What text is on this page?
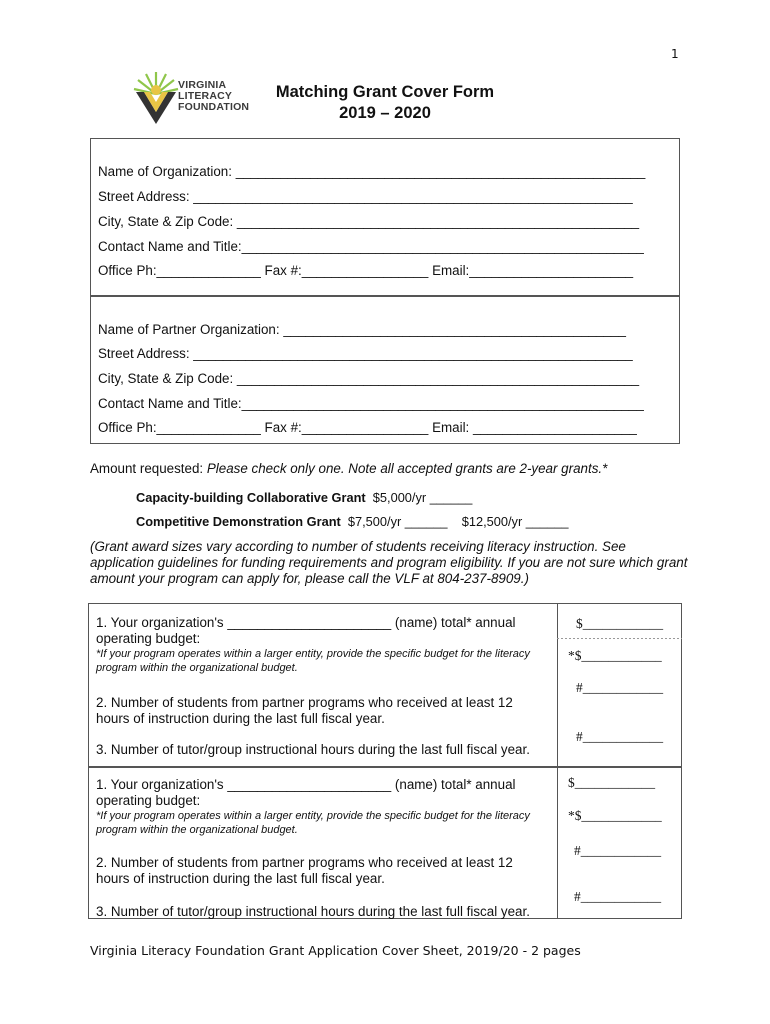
1
VIRGINIA
LITERACY
FOUNDATION
Matching Grant Cover Form
2019 – 2020
Name of Organization: _______________________________________________________
Street Address: ___________________________________________________________
City, State & Zip Code: ______________________________________________________
Contact Name and Title:______________________________________________________
Office Ph:______________ Fax #:_________________ Email:______________________
Name of Partner Organization: ______________________________________________
Street Address: ___________________________________________________________
City, State & Zip Code: ______________________________________________________
Contact Name and Title:______________________________________________________
Office Ph:______________ Fax #:_________________ Email: ______________________
Amount requested: Please check only one. Note all accepted grants are 2-year grants.*
Capacity-building Collaborative Grant  $5,000/yr ______
Competitive Demonstration Grant  $7,500/yr ______    $12,500/yr ______
(Grant award sizes vary according to number of students receiving literacy instruction. See application guidelines for funding requirements and program eligibility. If you are not sure which grant amount your program can apply for, please call the VLF at 804-237-8909.)
1. Your organization's ______________________ (name) total* annual operating budget:
*If your program operates within a larger entity, provide the specific budget for the literacy program within the organizational budget.
2. Number of students from partner programs who received at least 12 hours of instruction during the last full fiscal year.
3. Number of tutor/group instructional hours during the last full fiscal year.
$____________
*$____________
#____________
#____________
1. Your organization's ______________________ (name) total* annual operating budget:
*If your program operates within a larger entity, provide the specific budget for the literacy program within the organizational budget.
2. Number of students from partner programs who received at least 12 hours of instruction during the last full fiscal year.
3. Number of tutor/group instructional hours during the last full fiscal year.
$____________
*$____________
#____________
#____________
Virginia Literacy Foundation Grant Application Cover Sheet, 2019/20 - 2 pages
